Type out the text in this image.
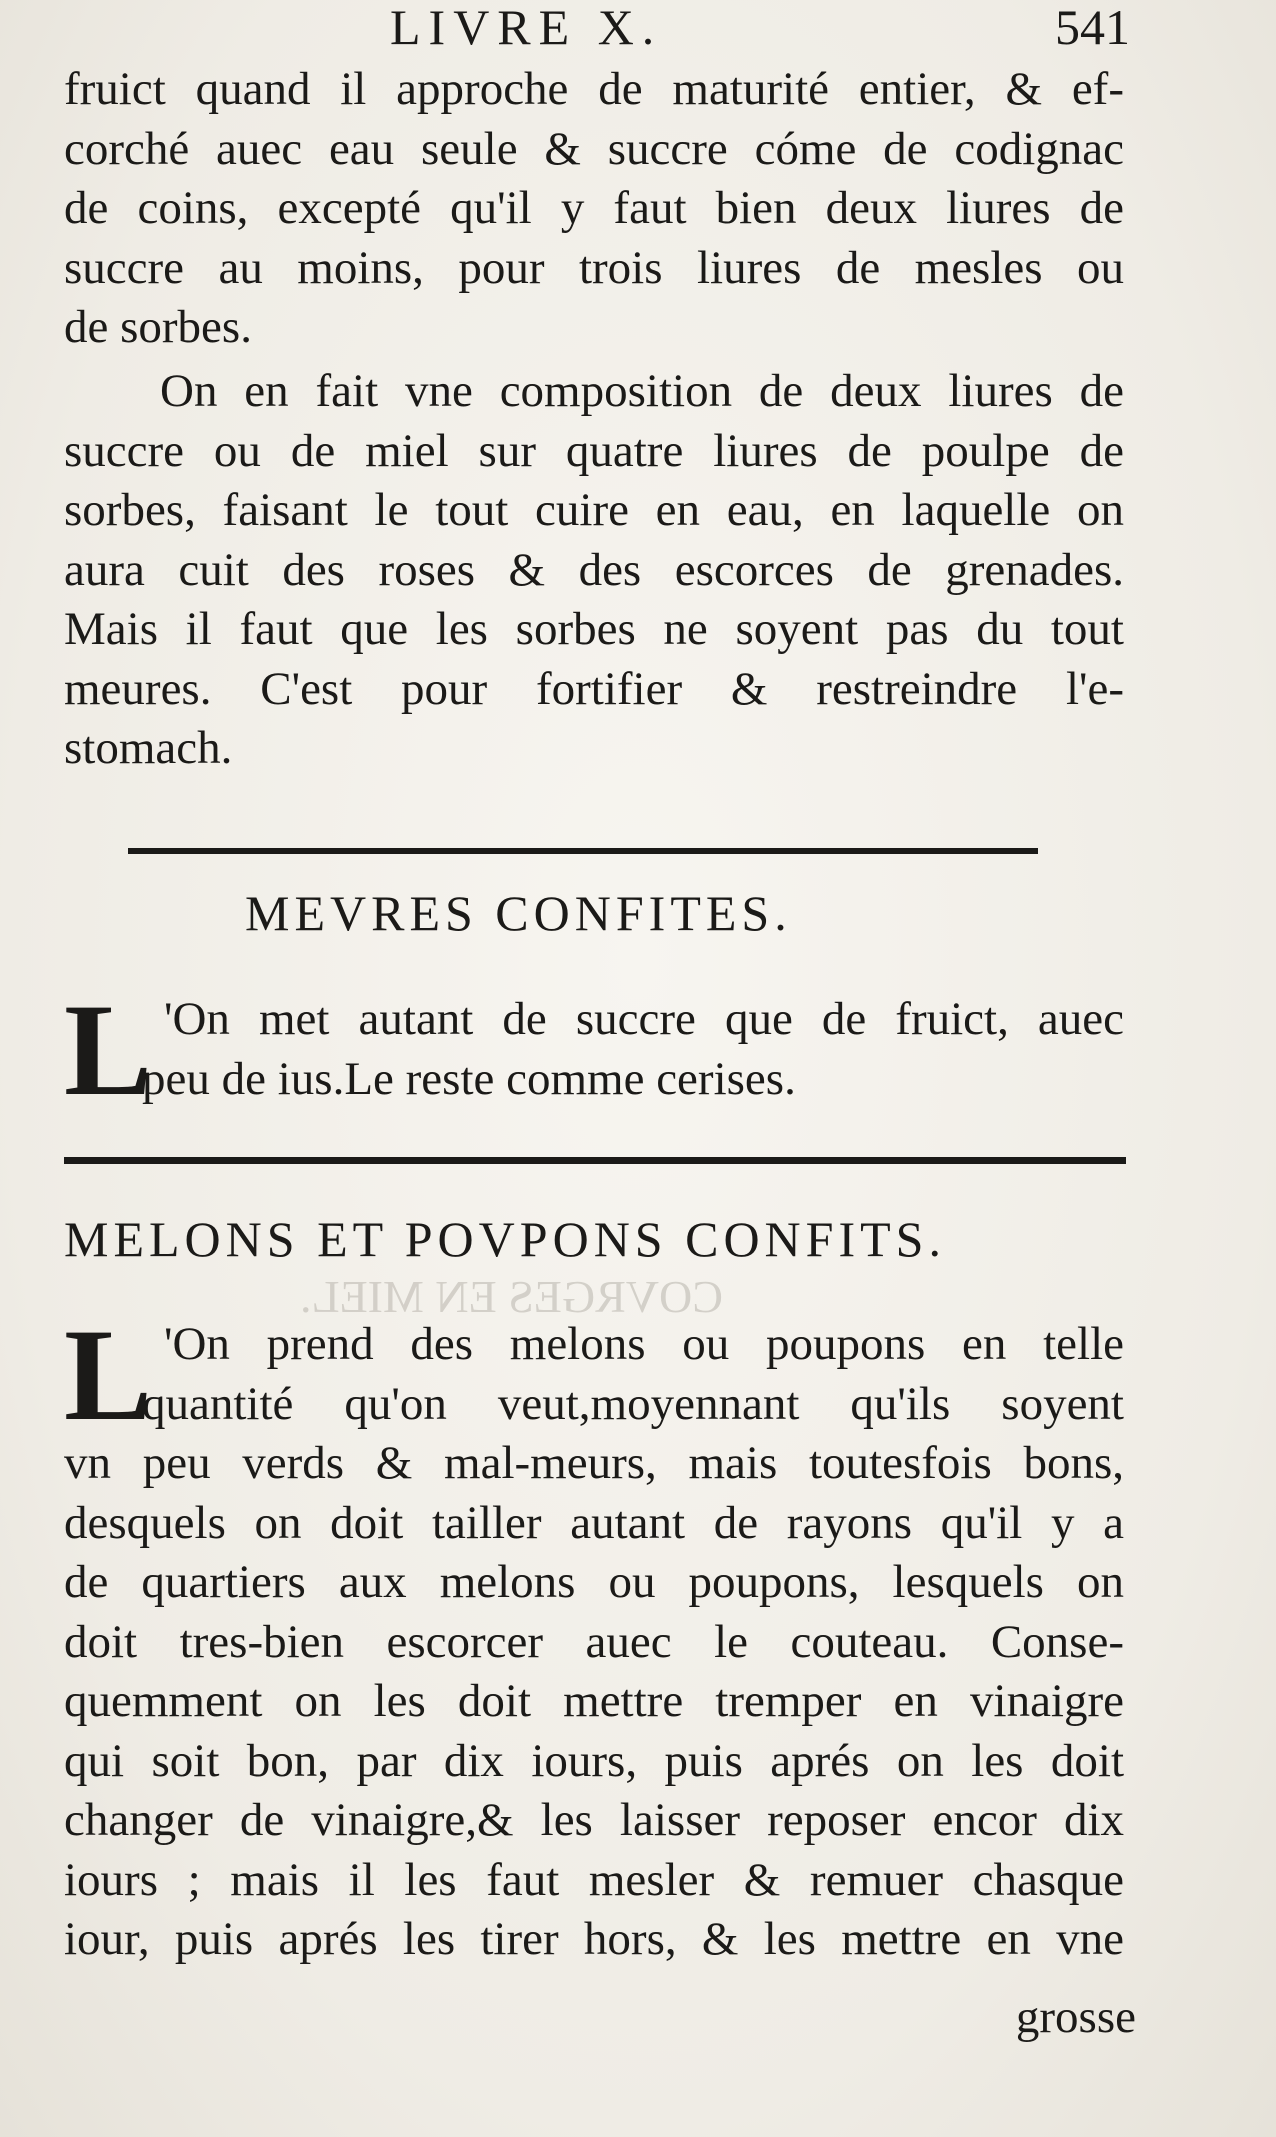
LIVRE X.	541
COVRGES EN MIEL.
fruict quand il approche de maturité entier, & ef-
corché auec eau seule & succre cóme de codignac
de coins, excepté qu'il y faut bien deux liures de
succre au moins, pour trois liures de mesles ou
de sorbes.
On en fait vne composition de deux liures de
succre ou de miel sur quatre liures de poulpe de
sorbes, faisant le tout cuire en eau, en laquelle on
aura cuit des roses & des escorces de grenades.
Mais il faut que les sorbes ne soyent pas du tout
meures. C'est pour fortifier & restreindre l'e-
stomach.
MEVRES CONFITES.
L 'On met autant de succre que de fruict, auec
peu de ius.Le reste comme cerises.
MELONS ET POVPONS CONFITS.
L 'On prend des melons ou poupons en telle
quantité qu'on veut,moyennant qu'ils soyent
vn peu verds & mal-meurs, mais toutesfois bons,
desquels on doit tailler autant de rayons qu'il y a
de quartiers aux melons ou poupons, lesquels on
doit tres-bien escorcer auec le couteau. Conse-
quemment on les doit mettre tremper en vinaigre
qui soit bon, par dix iours, puis aprés on les doit
changer de vinaigre,& les laisser reposer encor dix
iours ; mais il les faut mesler & remuer chasque
iour, puis aprés les tirer hors, & les mettre en vne
grosse
